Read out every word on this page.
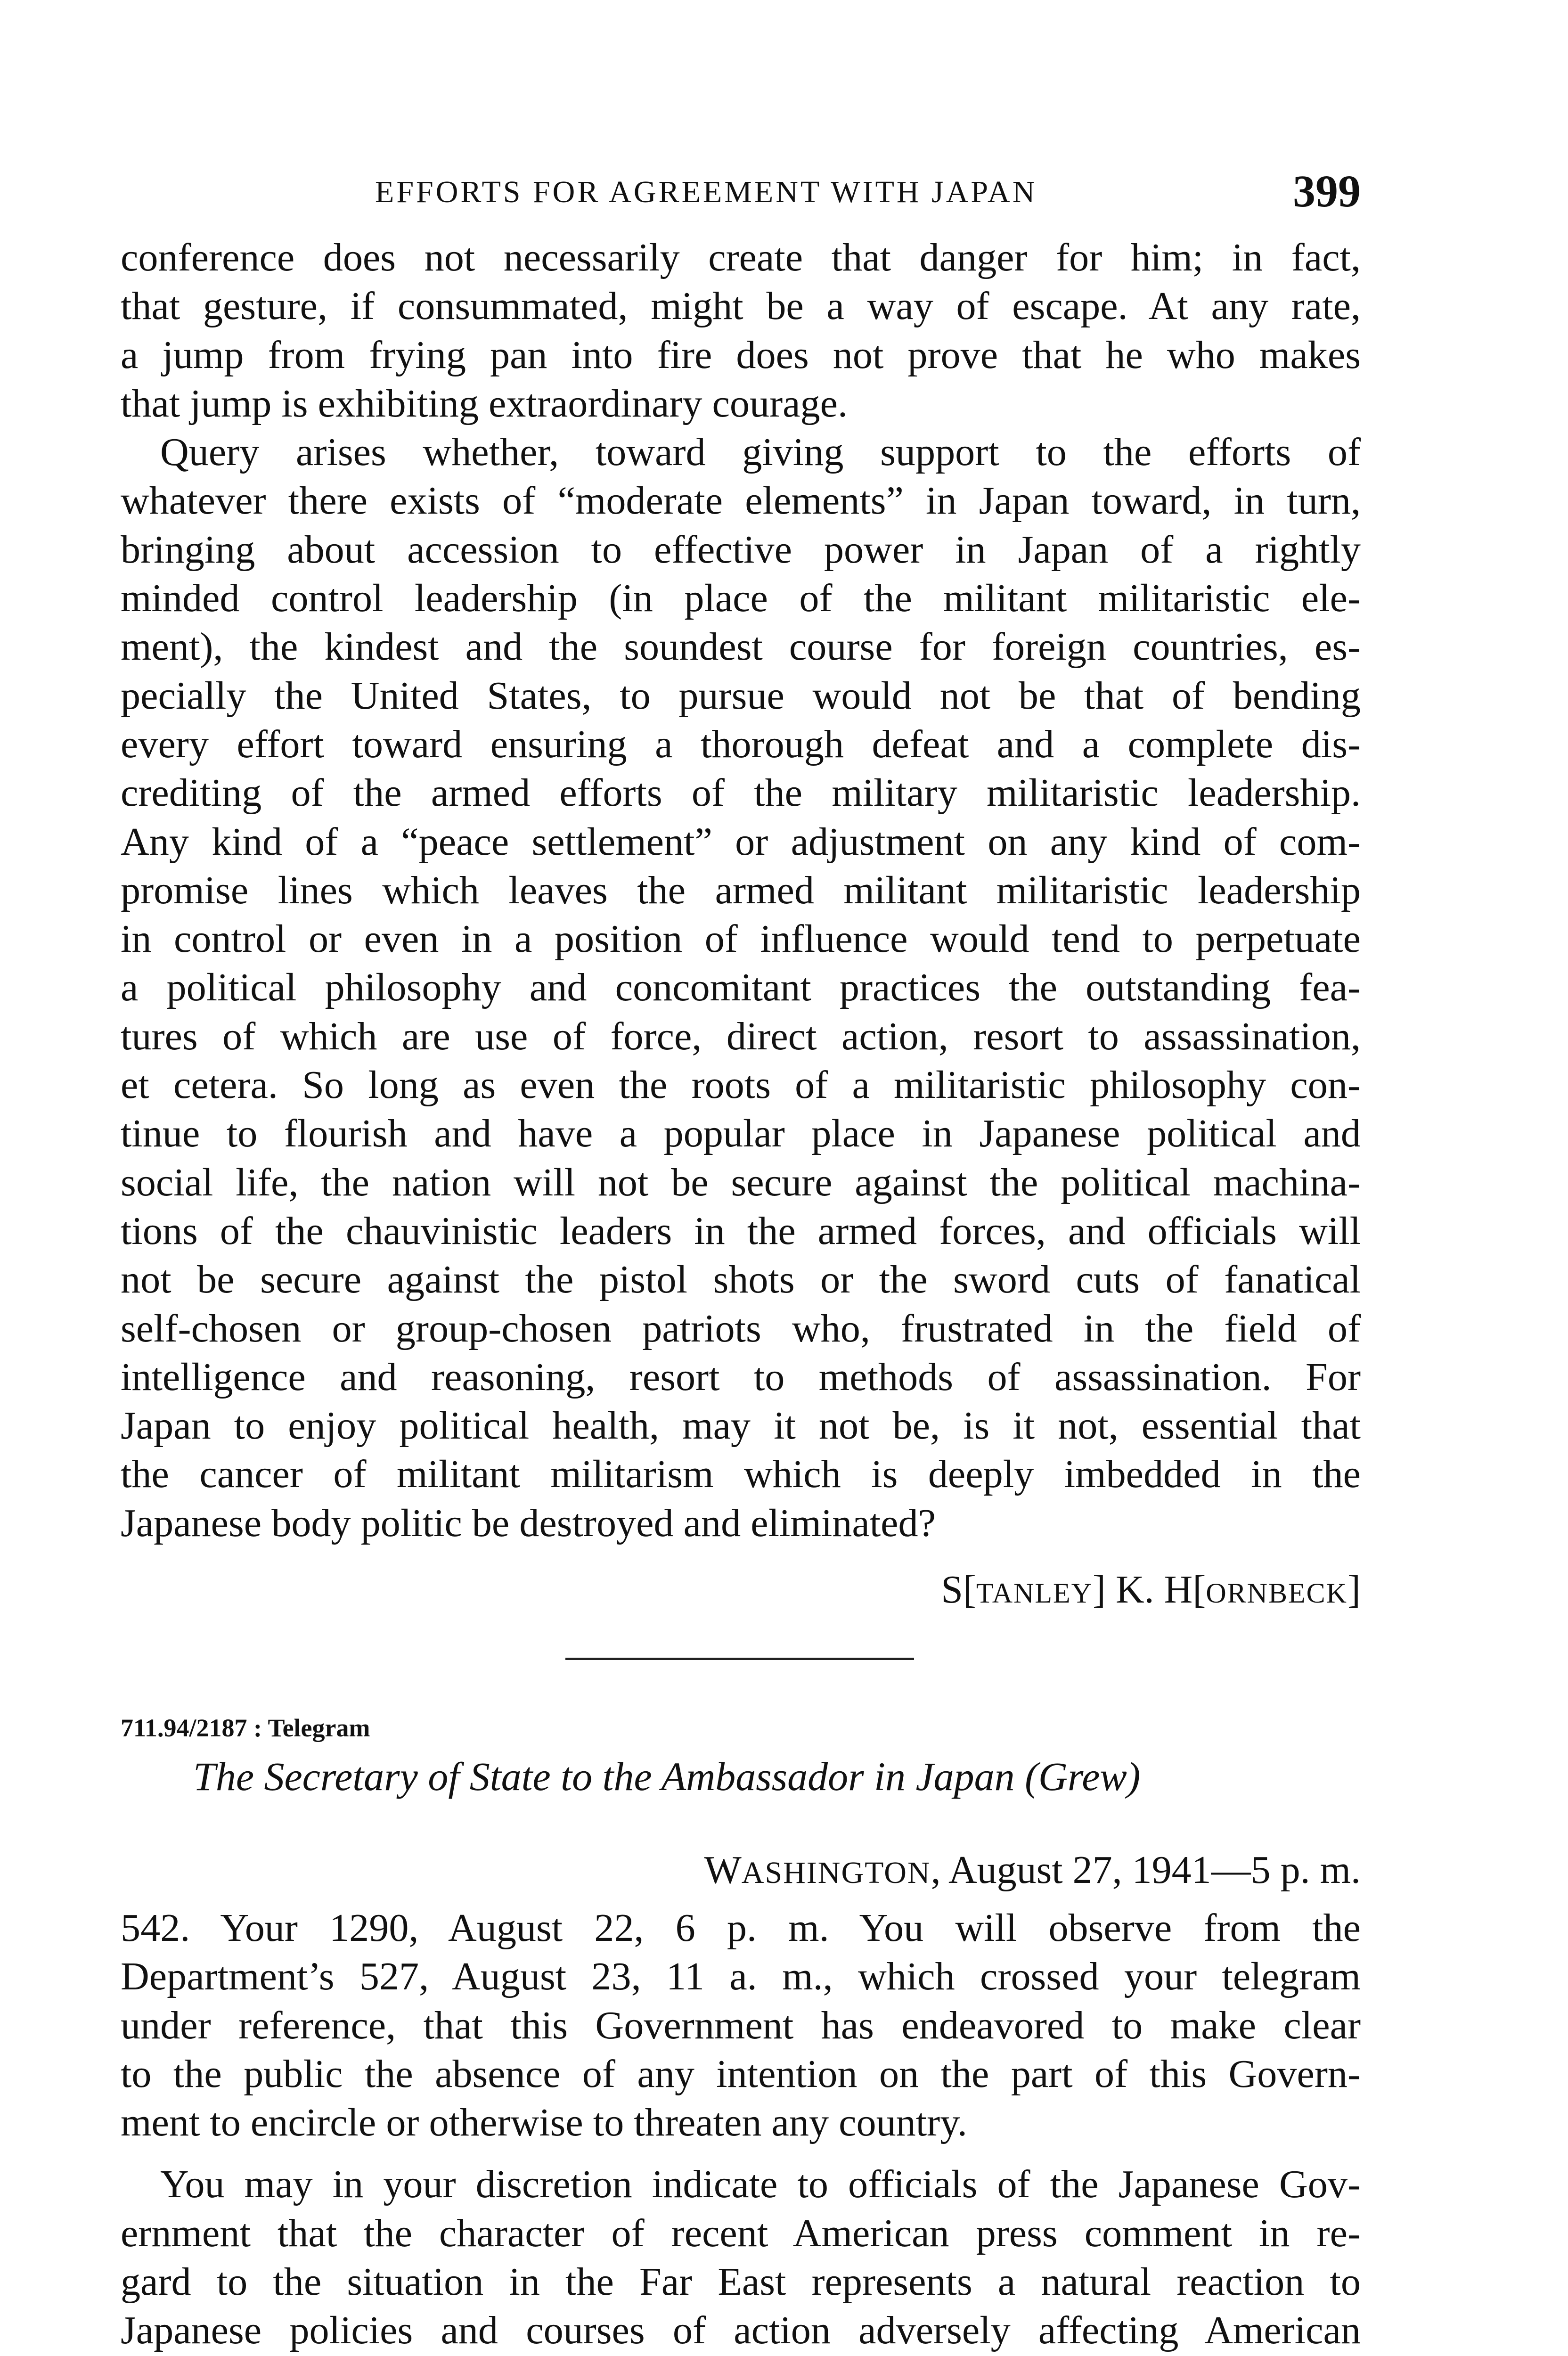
EFFORTS FOR AGREEMENT WITH JAPAN	399

conference does not necessarily create that danger for him; in fact,
that gesture, if consummated, might be a way of escape. At any rate,
a jump from frying pan into fire does not prove that he who makes
that jump is exhibiting extraordinary courage.

Query arises whether, toward giving support to the efforts of
whatever there exists of “moderate elements” in Japan toward, in turn,
bringing about accession to effective power in Japan of a rightly
minded control leadership (in place of the militant militaristic ele-
ment), the kindest and the soundest course for foreign countries, es-
pecially the United States, to pursue would not be that of bending
every effort toward ensuring a thorough defeat and a complete dis-
crediting of the armed efforts of the military militaristic leadership.
Any kind of a “peace settlement” or adjustment on any kind of com-
promise lines which leaves the armed militant militaristic leadership
in control or even in a position of influence would tend to perpetuate
a political philosophy and concomitant practices the outstanding fea-
tures of which are use of force, direct action, resort to assassination,
et cetera. So long as even the roots of a militaristic philosophy con-
tinue to flourish and have a popular place in Japanese political and
social life, the nation will not be secure against the political machina-
tions of the chauvinistic leaders in the armed forces, and officials will
not be secure against the pistol shots or the sword cuts of fanatical
self-chosen or group-chosen patriots who, frustrated in the field of
intelligence and reasoning, resort to methods of assassination. For
Japan to enjoy political health, may it not be, is it not, essential that
the cancer of militant militarism which is deeply imbedded in the
Japanese body politic be destroyed and eliminated?

S[TANLEY] K. H[ORNBECK]
711.94/2187 : Telegram
The Secretary of State to the Ambassador in Japan (Grew)
WASHINGTON, August 27, 1941—5 p. m.

542. Your 1290, August 22, 6 p. m. You will observe from the
Department’s 527, August 23, 11 a. m., which crossed your telegram
under reference, that this Government has endeavored to make clear
to the public the absence of any intention on the part of this Govern-
ment to encircle or otherwise to threaten any country.

You may in your discretion indicate to officials of the Japanese Gov-
ernment that the character of recent American press comment in re-
gard to the situation in the Far East represents a natural reaction to
Japanese policies and courses of action adversely affecting American
